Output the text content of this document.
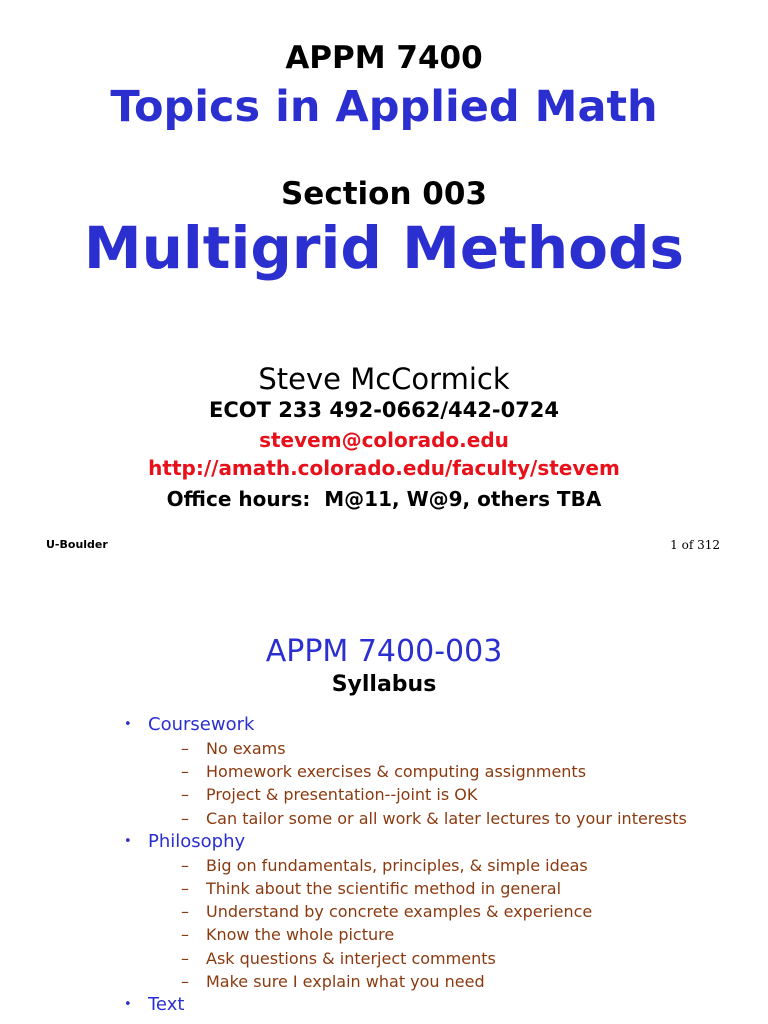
APPM 7400
Topics in Applied Math
Section 003
Multigrid Methods
Steve McCormick
ECOT 233 492-0662/442-0724
stevem@colorado.edu
http://amath.colorado.edu/faculty/stevem
Office hours:  M@11, W@9, others TBA
U-Boulder	1 of 312
APPM 7400-003
Syllabus
• Coursework
– No exams
– Homework exercises & computing assignments
– Project & presentation--joint is OK
– Can tailor some or all work & later lectures to your interests
• Philosophy
– Big on fundamentals, principles, & simple ideas
– Think about the scientific method in general
– Understand by concrete examples & experience
– Know the whole picture
– Ask questions & interject comments
– Make sure I explain what you need
• Text
